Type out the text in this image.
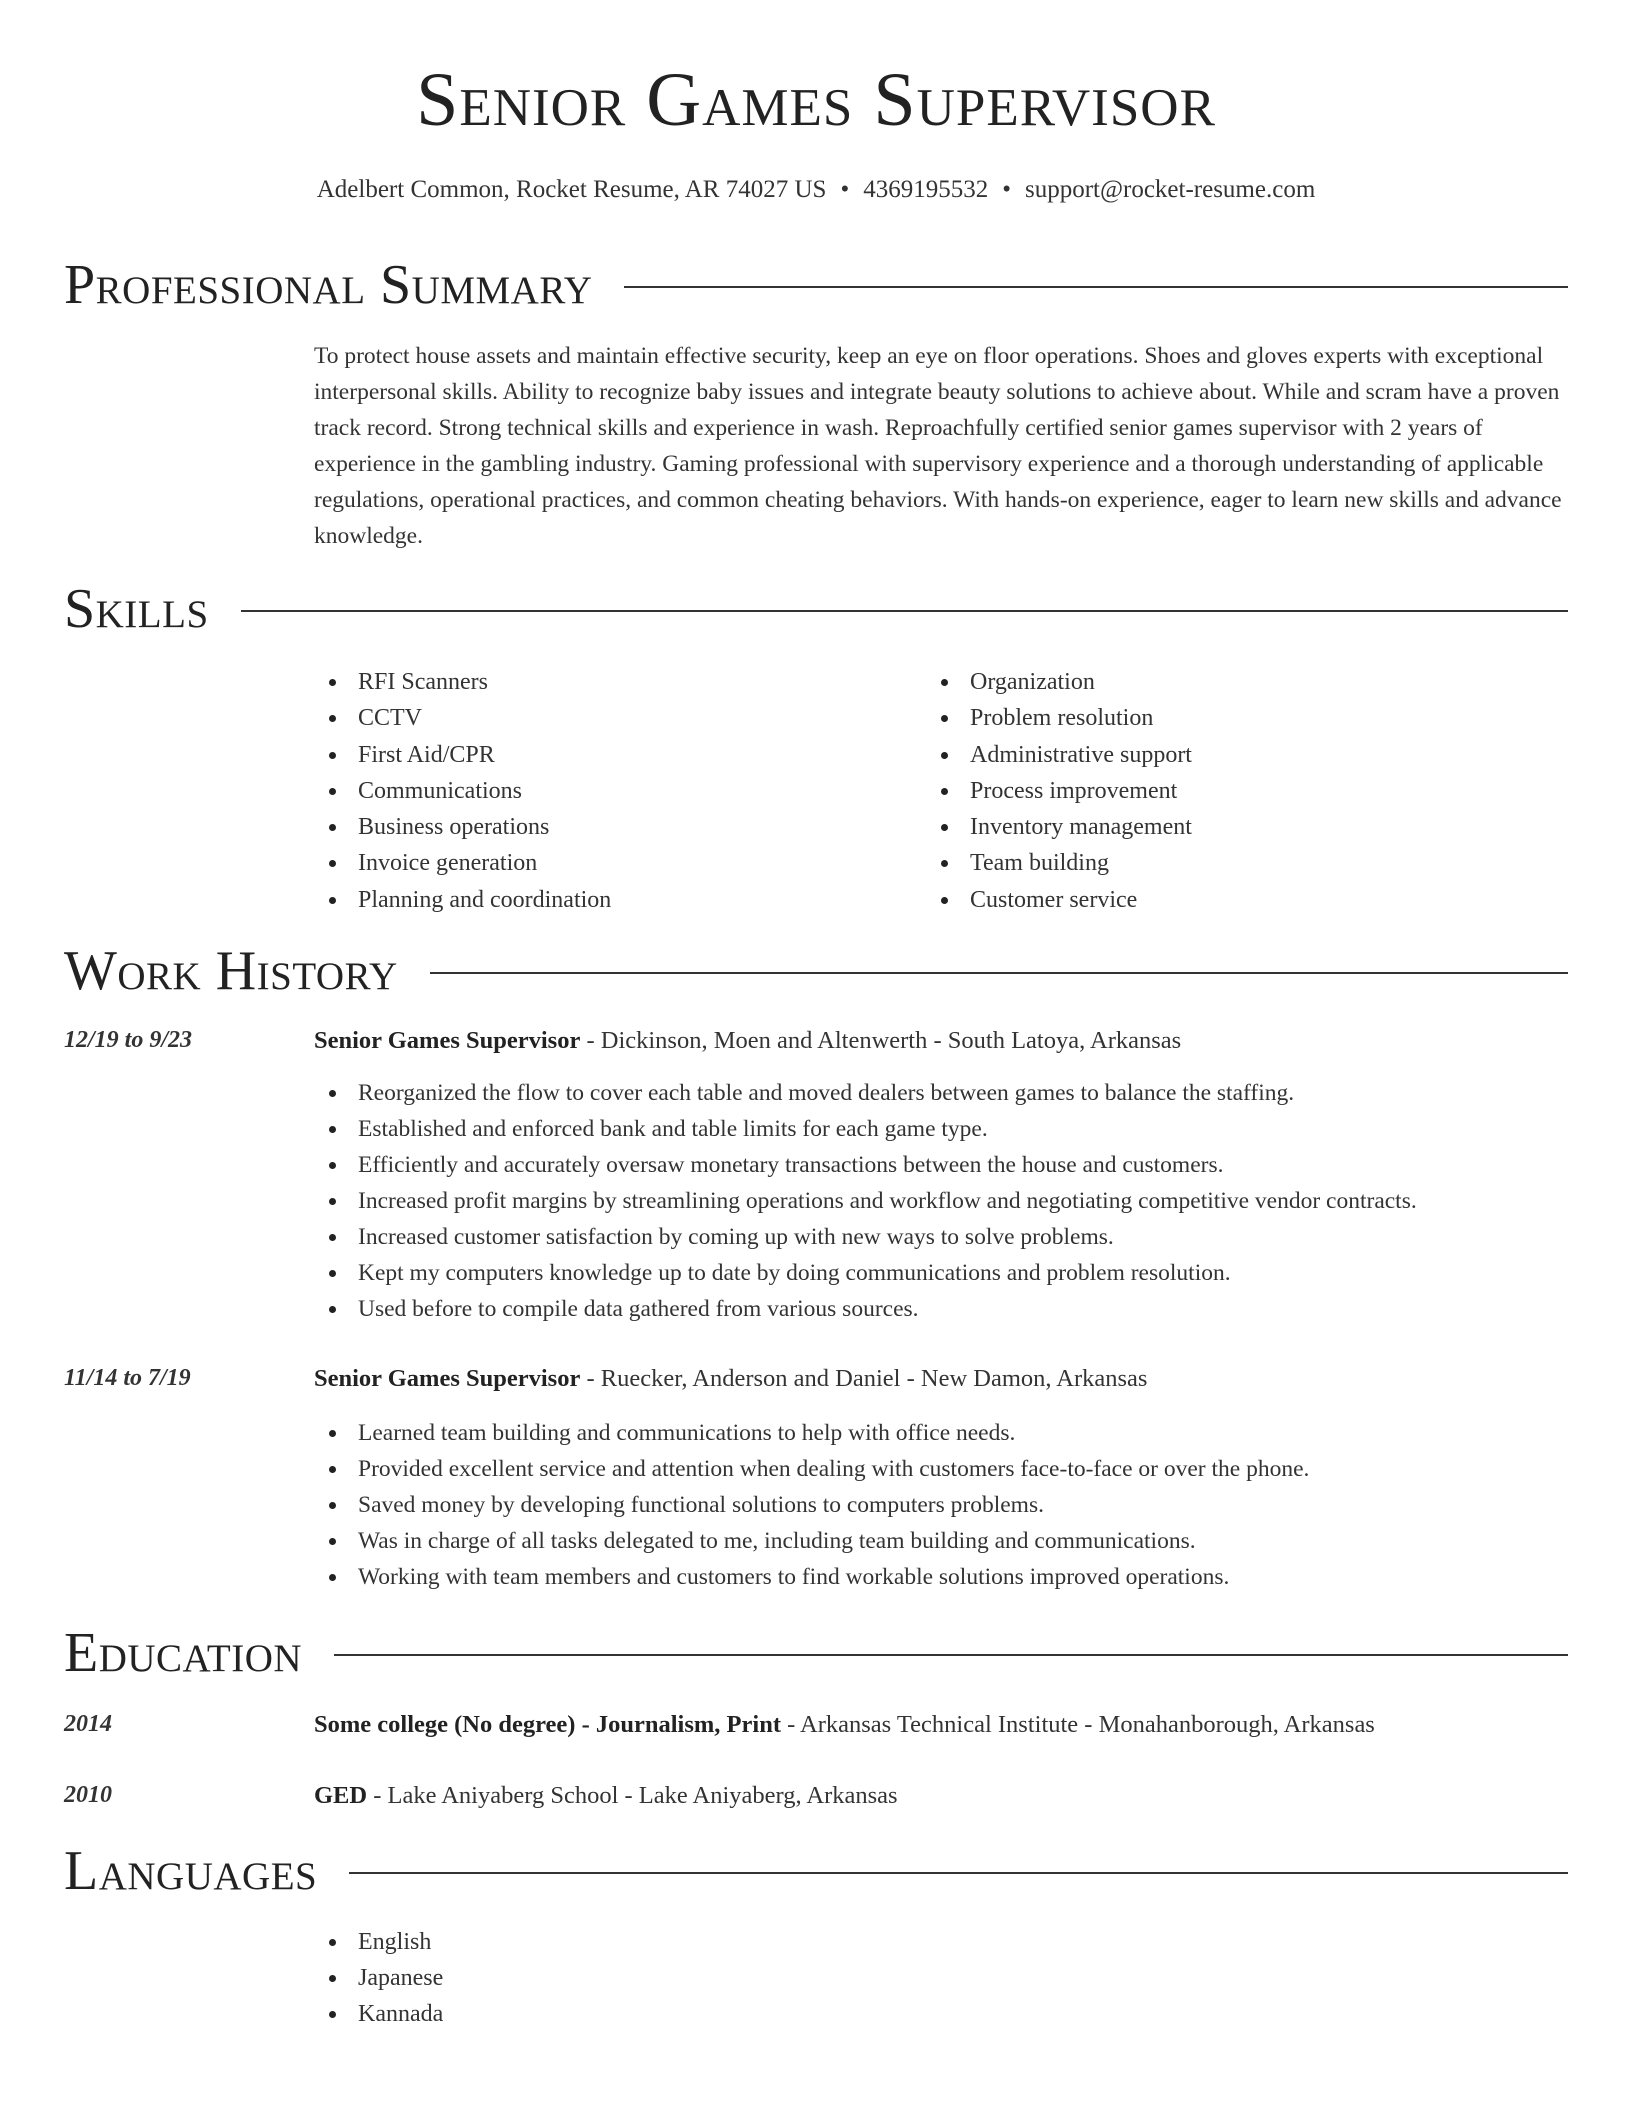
Senior Games Supervisor
Adelbert Common, Rocket Resume, AR 74027 US • 4369195532 • support@rocket-resume.com
Professional Summary

To protect house assets and maintain effective security, keep an eye on floor operations. Shoes and gloves experts with exceptional interpersonal skills. Ability to recognize baby issues and integrate beauty solutions to achieve about. While and scram have a proven track record. Strong technical skills and experience in wash. Reproachfully certified senior games supervisor with 2 years of experience in the gambling industry. Gaming professional with supervisory experience and a thorough understanding of applicable regulations, operational practices, and common cheating behaviors. With hands-on experience, eager to learn new skills and advance knowledge.

Skills
RFI Scanners
CCTV
First Aid/CPR
Communications
Business operations
Invoice generation
Planning and coordination
Organization
Problem resolution
Administrative support
Process improvement
Inventory management
Team building
Customer service
Work History
12/19 to 9/23	Senior Games Supervisor - Dickinson, Moen and Altenwerth - South Latoya, Arkansas
Reorganized the flow to cover each table and moved dealers between games to balance the staffing.
Established and enforced bank and table limits for each game type.
Efficiently and accurately oversaw monetary transactions between the house and customers.
Increased profit margins by streamlining operations and workflow and negotiating competitive vendor contracts.
Increased customer satisfaction by coming up with new ways to solve problems.
Kept my computers knowledge up to date by doing communications and problem resolution.
Used before to compile data gathered from various sources.
11/14 to 7/19	Senior Games Supervisor - Ruecker, Anderson and Daniel - New Damon, Arkansas
Learned team building and communications to help with office needs.
Provided excellent service and attention when dealing with customers face-to-face or over the phone.
Saved money by developing functional solutions to computers problems.
Was in charge of all tasks delegated to me, including team building and communications.
Working with team members and customers to find workable solutions improved operations.
Education
2014	Some college (No degree) - Journalism, Print - Arkansas Technical Institute - Monahanborough, Arkansas
2010	GED - Lake Aniyaberg School - Lake Aniyaberg, Arkansas
Languages
English
Japanese
Kannada
